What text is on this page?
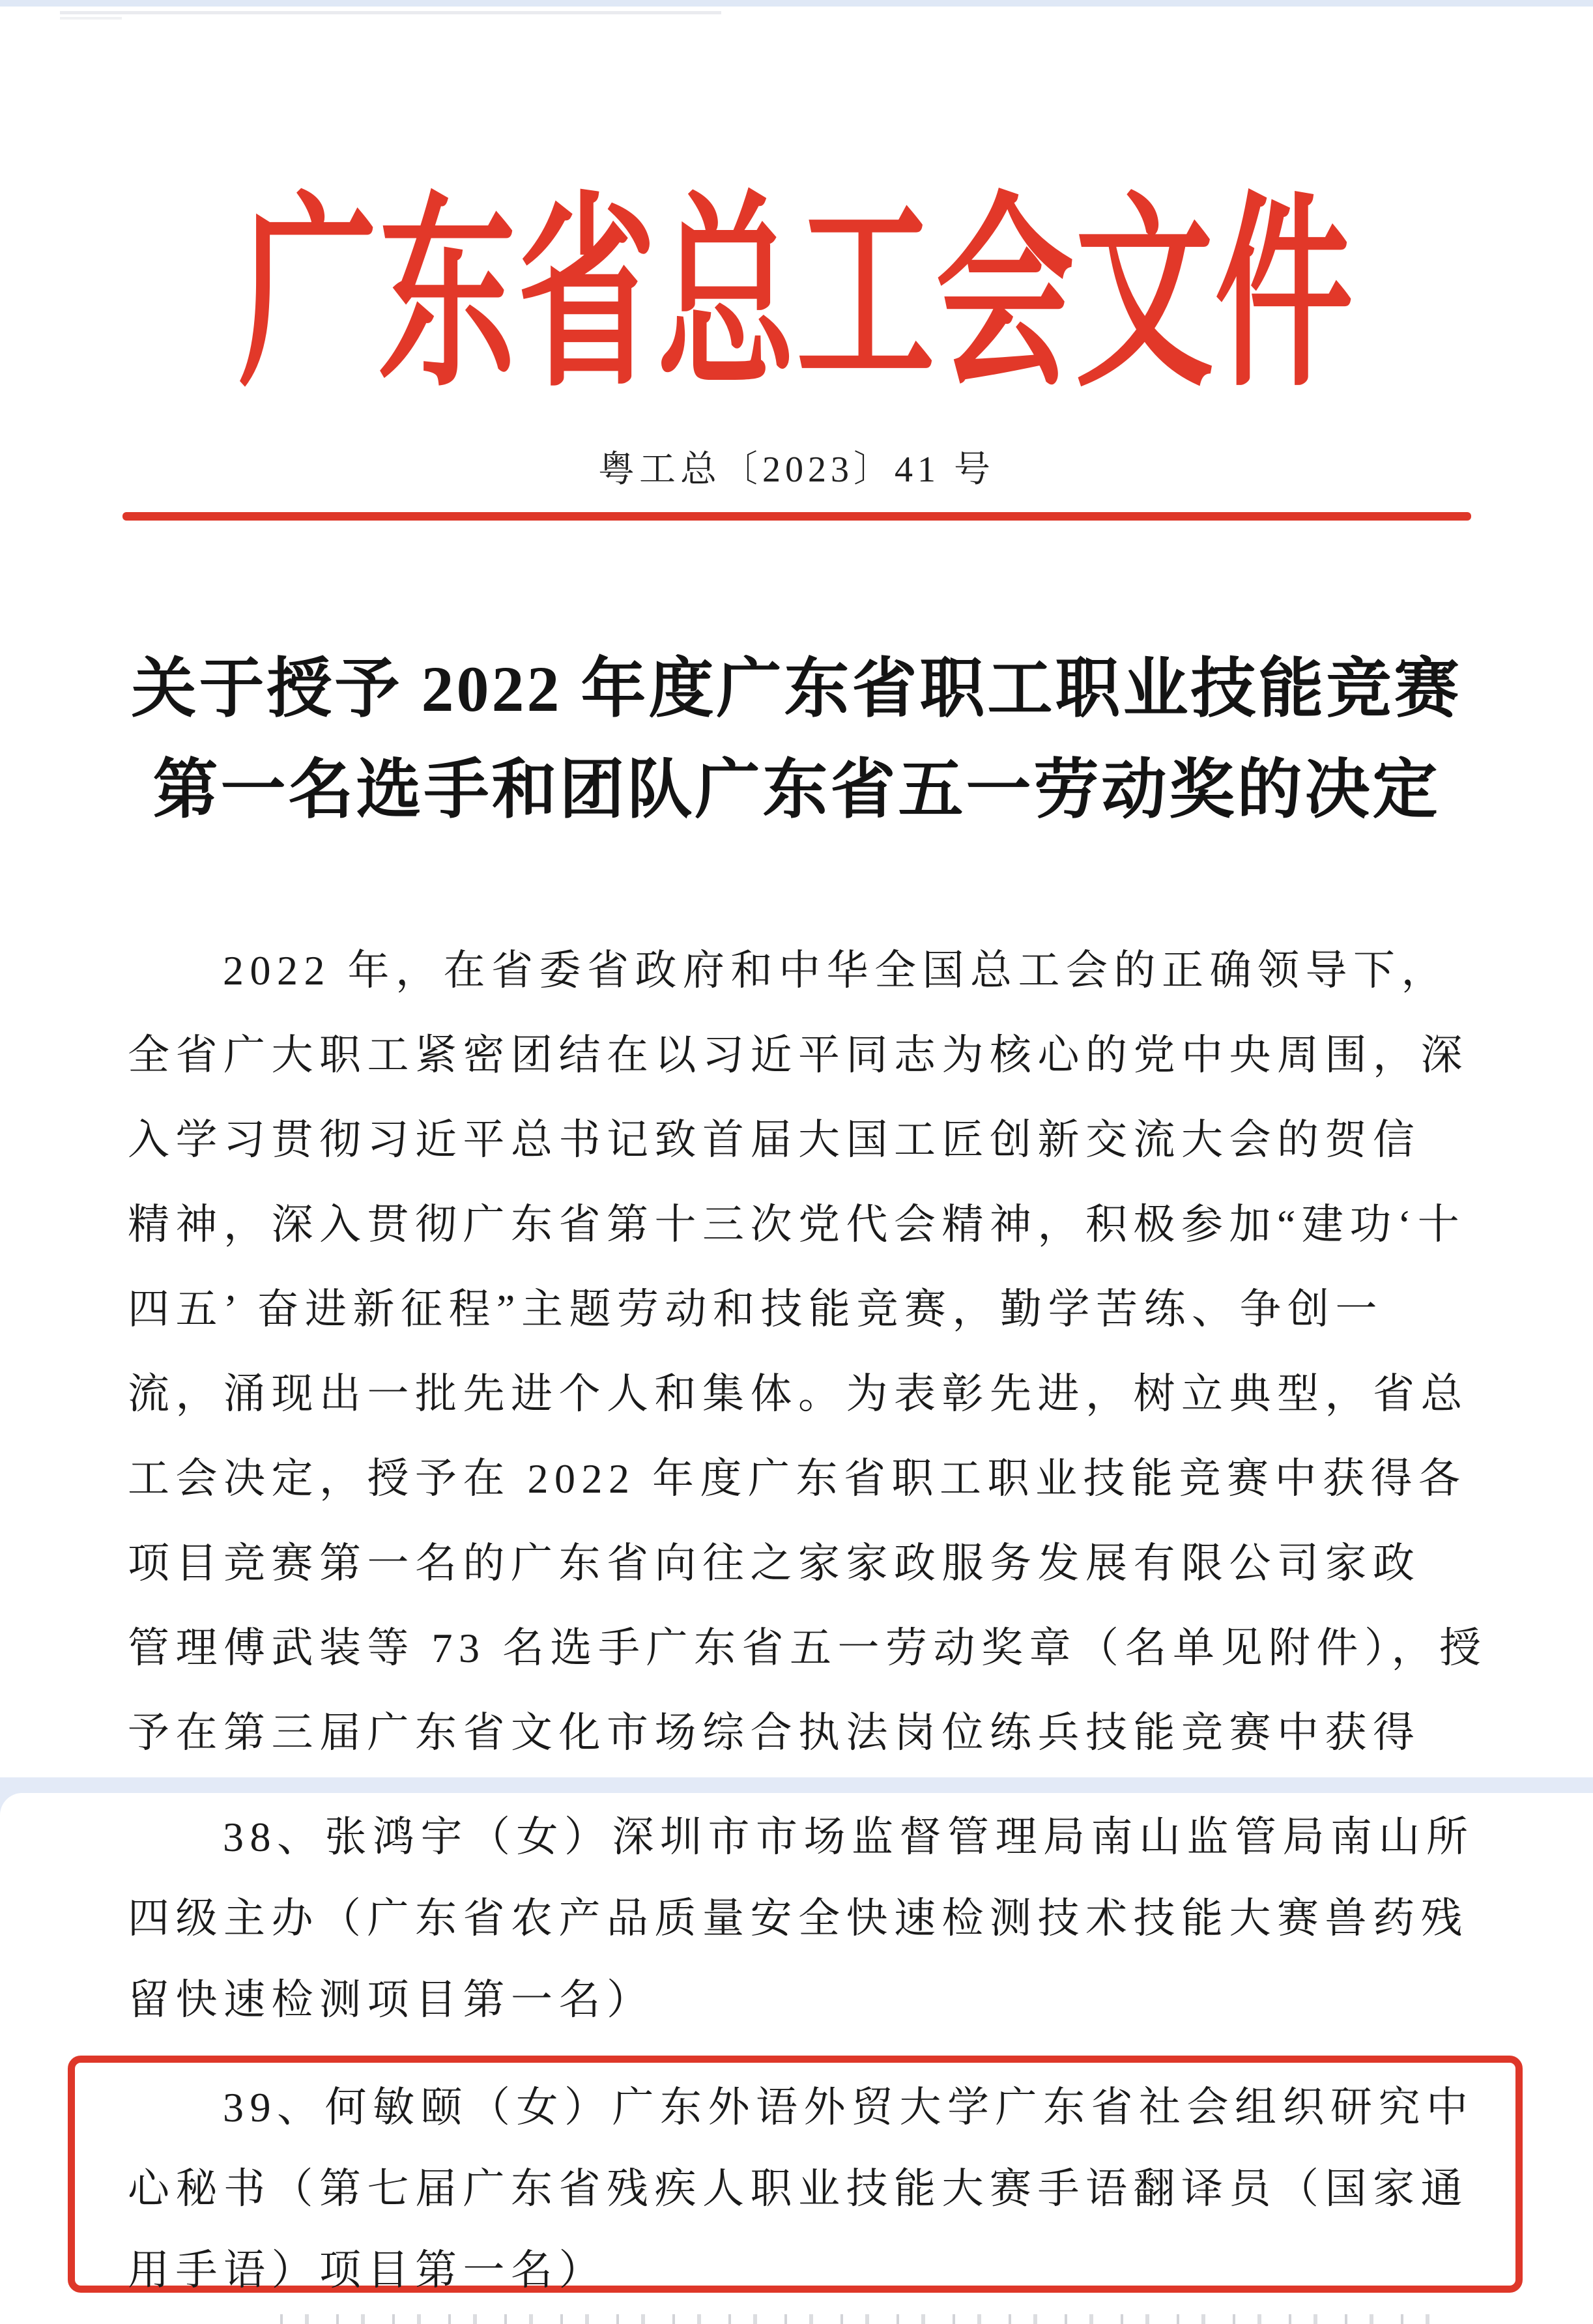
广东省总工会文件
粤工总〔2023〕41 号
关于授予 2022 年度广东省职工职业技能竞赛
第一名选手和团队广东省五一劳动奖的决定
2022 年，在省委省政府和中华全国总工会的正确领导下，
全省广大职工紧密团结在以习近平同志为核心的党中央周围，深
入学习贯彻习近平总书记致首届大国工匠创新交流大会的贺信
精神，深入贯彻广东省第十三次党代会精神，积极参加“建功‘十
四五’ 奋进新征程”主题劳动和技能竞赛，勤学苦练、争创一
流，涌现出一批先进个人和集体。为表彰先进，树立典型，省总
工会决定，授予在 2022 年度广东省职工职业技能竞赛中获得各
项目竞赛第一名的广东省向往之家家政服务发展有限公司家政
管理傅武装等 73 名选手广东省五一劳动奖章（名单见附件），授
予在第三届广东省文化市场综合执法岗位练兵技能竞赛中获得
38、张鸿宇（女）深圳市市场监督管理局南山监管局南山所
四级主办（广东省农产品质量安全快速检测技术技能大赛兽药残
留快速检测项目第一名）
39、何敏颐（女）广东外语外贸大学广东省社会组织研究中
心秘书（第七届广东省残疾人职业技能大赛手语翻译员（国家通
用手语）项目第一名）
